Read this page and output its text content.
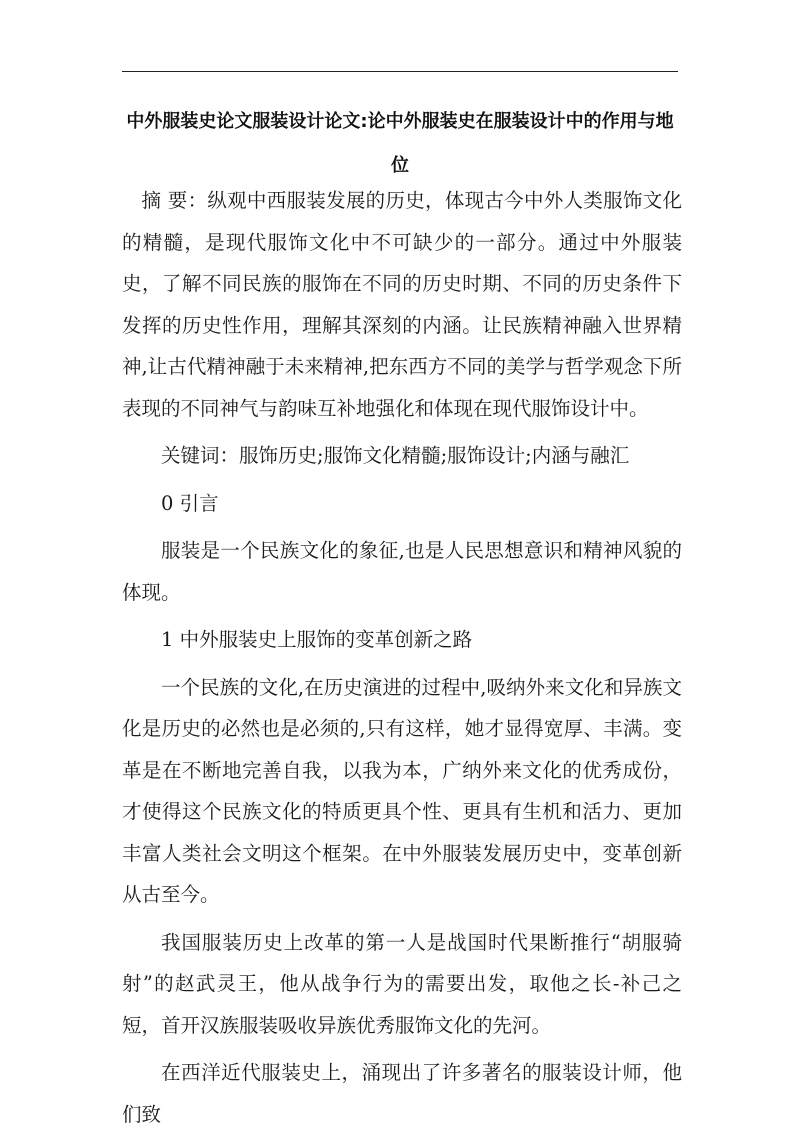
中外服装史论文服装设计论文:论中外服装史在服装设计中的作用与地位

摘 要：纵观中西服装发展的历史，体现古今中外人类服饰文化的精髓，是现代服饰文化中不可缺少的一部分。通过中外服装史，了解不同民族的服饰在不同的历史时期、不同的历史条件下发挥的历史性作用，理解其深刻的内涵。让民族精神融入世界精神,让古代精神融于未来精神,把东西方不同的美学与哲学观念下所表现的不同神气与韵味互补地强化和体现在现代服饰设计中。

关键词：服饰历史;服饰文化精髓;服饰设计;内涵与融汇

0 引言

服装是一个民族文化的象征,也是人民思想意识和精神风貌的体现。

1 中外服装史上服饰的变革创新之路

一个民族的文化,在历史演进的过程中,吸纳外来文化和异族文化是历史的必然也是必须的,只有这样，她才显得宽厚、丰满。变革是在不断地完善自我，以我为本，广纳外来文化的优秀成份，才使得这个民族文化的特质更具个性、更具有生机和活力、更加丰富人类社会文明这个框架。在中外服装发展历史中，变革创新从古至今。

我国服装历史上改革的第一人是战国时代果断推行“胡服骑射”的赵武灵王，他从战争行为的需要出发，取他之长-补己之短，首开汉族服装吸收异族优秀服饰文化的先河。

在西洋近代服装史上，涌现出了许多著名的服装设计师，他们致
